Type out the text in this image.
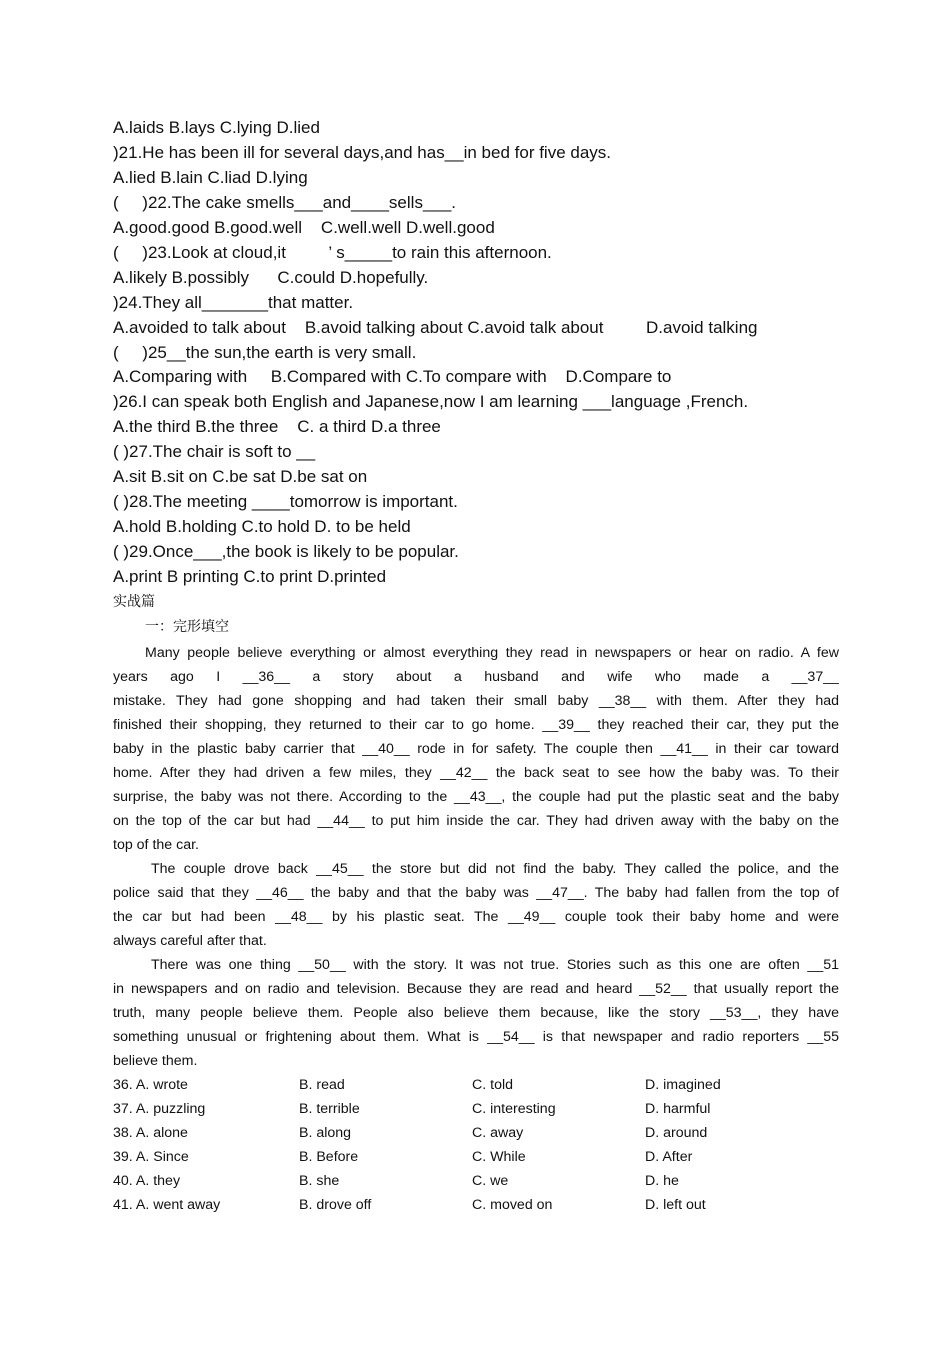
A.laids B.lays C.lying D.lied
)21.He has been ill for several days,and has__in bed for five days.
A.lied B.lain C.liad D.lying
(     )22.The cake smells___and____sells___.
A.good.good B.good.well    C.well.well D.well.good
(     )23.Look at cloud,it         ’ s_____to rain this afternoon.
A.likely B.possibly      C.could D.hopefully.
)24.They all_______that matter.
A.avoided to talk about    B.avoid talking about C.avoid talk about         D.avoid talking
(     )25__the sun,the earth is very small.
A.Comparing with     B.Compared with C.To compare with    D.Compare to
)26.I can speak both English and Japanese,now I am learning ___language ,French.
A.the third B.the three    C. a third D.a three
( )27.The chair is soft to __
A.sit B.sit on C.be sat D.be sat on
( )28.The meeting ____tomorrow is important.
A.hold B.holding C.to hold D. to be held
( )29.Once___,the book is likely to be popular.
A.print B printing C.to print D.printed
实战篇
一：完形填空
Many people believe everything or almost everything they read in newspapers or hear on radio. A few
years ago I __36__ a story about a husband and wife who made a __37__
mistake. They had gone shopping and had taken their small baby __38__ with them. After they had
finished their shopping, they returned to their car to go home. __39__ they reached their car, they put the
baby in the plastic baby carrier that __40__ rode in for safety. The couple then __41__ in their car toward
home. After they had driven a few miles, they __42__ the back seat to see how the baby was. To their
surprise, the baby was not there. According to the __43__, the couple had put the plastic seat and the baby
on the top of the car but had __44__ to put him inside the car. They had driven away with the baby on the
top of the car.
The couple drove back __45__ the store but did not find the baby. They called the police, and the
police said that they __46__ the baby and that the baby was __47__. The baby had fallen from the top of
the car but had been __48__ by his plastic seat. The __49__ couple took their baby home and were
always careful after that.
There was one thing __50__ with the story. It was not true. Stories such as this one are often __51
in newspapers and on radio and television. Because they are read and heard __52__ that usually report the
truth, many people believe them. People also believe them because, like the story __53__, they have
something unusual or frightening about them. What is __54__ is that newspaper and radio reporters __55
believe them.
36. A. wrote	B. read	C. told	D. imagined
37. A. puzzling	B. terrible	C. interesting	D. harmful
38. A. alone	B. along	C. away	D. around
39. A. Since	B. Before	C. While	D. After
40. A. they	B. she	C. we	D. he
41. A. went away	B. drove off	C. moved on	D. left out
